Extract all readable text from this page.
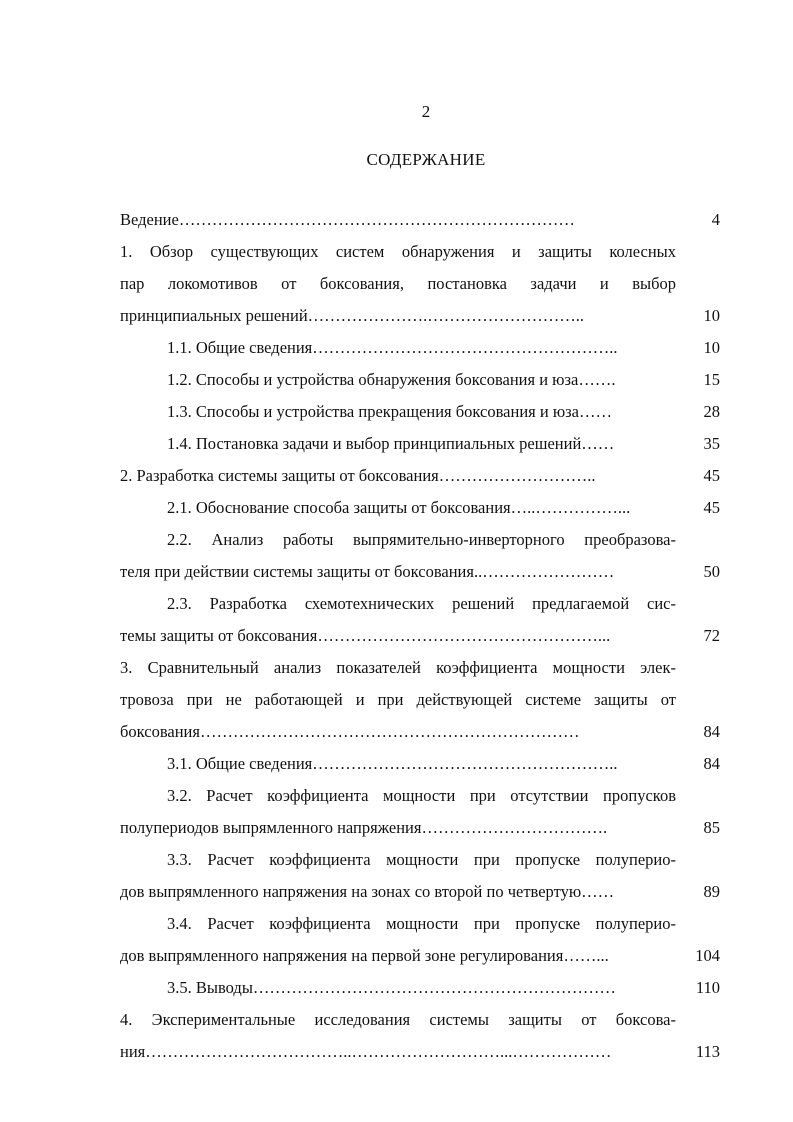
2
СОДЕРЖАНИЕ
Ведение………………………………………………………………	4
1. Обзор существующих систем обнаружения и защиты колесных
пар локомотивов от боксования, постановка задачи и выбор
принципиальных решений………………….………………………..	10
1.1. Общие сведения………………………………………………..	10
1.2. Способы и устройства обнаружения боксования и юза…….	15
1.3. Способы и устройства прекращения боксования и юза……	28
1.4. Постановка задачи и выбор принципиальных решений……	35
2. Разработка системы защиты от боксования………………………..	45
2.1. Обоснование способа защиты от боксования…..……………...	45
2.2. Анализ работы выпрямительно-инверторного преобразова-
теля при действии системы защиты от боксования..……………………	50
2.3. Разработка схемотехнических решений предлагаемой сис-
темы защиты от боксования……………………………………………...	72
3. Сравнительный анализ показателей коэффициента мощности элек-
тровоза при не работающей и при действующей системе защиты от
боксования……………………………………………………………	84
3.1. Общие сведения………………………………………………..	84
3.2. Расчет коэффициента мощности при отсутствии пропусков
полупериодов выпрямленного напряжения…………………………….	85
3.3. Расчет коэффициента мощности при пропуске полупериo-
дов выпрямленного напряжения на зонах со второй по четвертую……	89
3.4. Расчет коэффициента мощности при пропуске полупериo-
дов выпрямленного напряжения на первой зоне регулирования……...	104
3.5. Выводы…………………………………………………………	110
4. Экспериментальные исследования системы защиты от боксова-
ния………………………………..………………………...………………	113
